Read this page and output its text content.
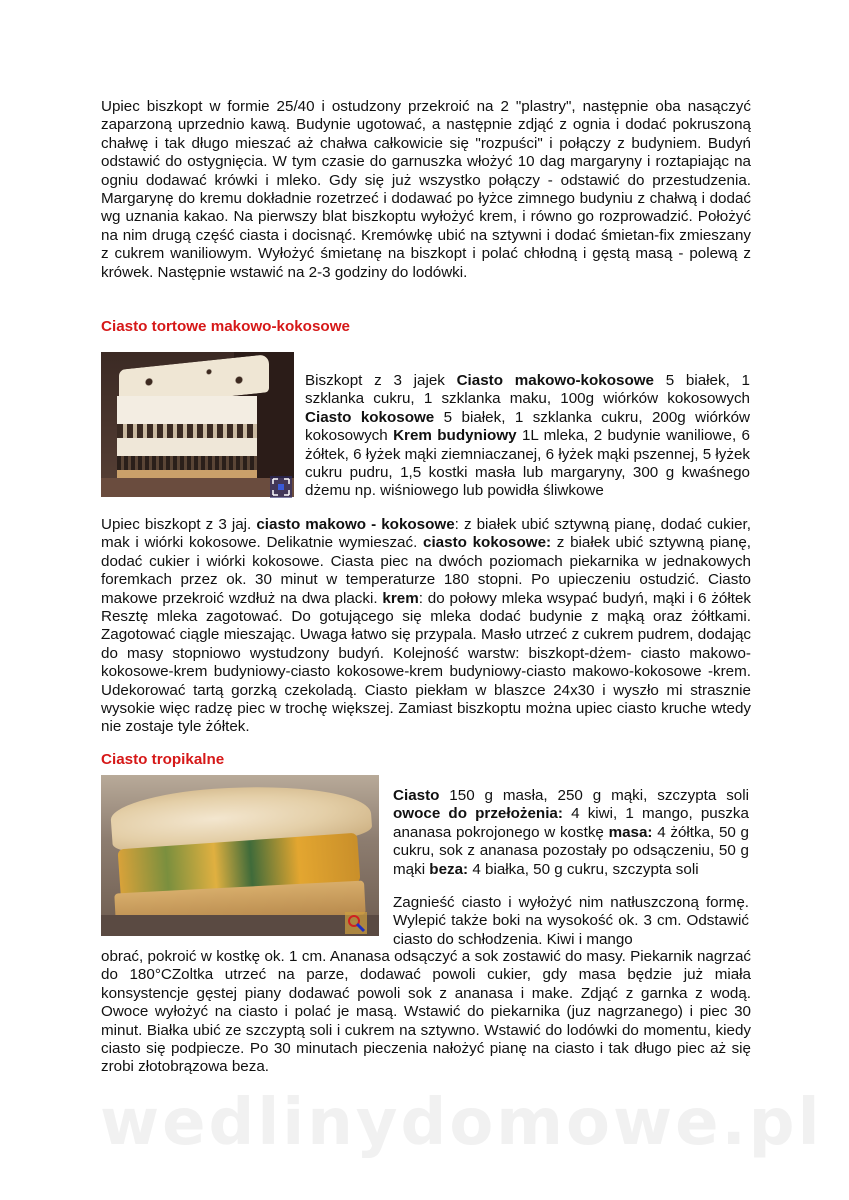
Upiec biszkopt w formie 25/40 i ostudzony przekroić na 2 "plastry", następnie oba nasączyć zaparzoną uprzednio kawą. Budynie ugotować, a następnie zdjąć z ognia i dodać pokruszoną chałwę i tak długo mieszać aż chałwa całkowicie się "rozpuści" i połączy z budyniem. Budyń odstawić do ostygnięcia. W tym czasie do garnuszka włożyć 10 dag margaryny i roztapiając na ogniu dodawać krówki i mleko. Gdy się już wszystko połączy - odstawić do przestudzenia. Margarynę do kremu dokładnie rozetrzeć i dodawać po łyżce zimnego budyniu z chałwą i dodać wg uznania kakao. Na pierwszy blat biszkoptu wyłożyć krem, i równo go rozprowadzić. Położyć na nim drugą część ciasta i docisnąć. Kremówkę ubić na sztywni i dodać śmietan-fix zmieszany z cukrem waniliowym. Wyłożyć śmietanę na biszkopt i polać chłodną i gęstą masą - polewą z krówek. Następnie wstawić na 2-3 godziny do lodówki.

Ciasto tortowe makowo-kokosowe

Biszkopt z 3 jajek Ciasto makowo-kokosowe 5 białek, 1 szklanka cukru, 1 szklanka maku, 100g wiórków kokosowych Ciasto kokosowe 5 białek, 1 szklanka cukru, 200g wiórków kokosowych Krem budyniowy 1L mleka, 2 budynie waniliowe, 6 żółtek, 6 łyżek mąki ziemniaczanej, 6 łyżek mąki pszennej, 5 łyżek cukru pudru, 1,5 kostki masła lub margaryny, 300 g kwaśnego dżemu np. wiśniowego lub powidła śliwkowe

Upiec biszkopt z 3 jaj. ciasto makowo - kokosowe: z białek ubić sztywną pianę, dodać cukier, mak i wiórki kokosowe. Delikatnie wymieszać. ciasto kokosowe: z białek ubić sztywną pianę, dodać cukier i wiórki kokosowe. Ciasta piec na dwóch poziomach piekarnika w jednakowych foremkach przez ok. 30 minut w temperaturze 180 stopni. Po upieczeniu ostudzić. Ciasto makowe przekroić wzdłuż na dwa placki. krem: do połowy mleka wsypać budyń, mąki i 6 żółtek Resztę mleka zagotować. Do gotującego się mleka dodać budynie z mąką oraz żółtkami. Zagotować ciągle mieszając. Uwaga łatwo się przypala. Masło utrzeć z cukrem pudrem, dodając do masy stopniowo wystudzony budyń. Kolejność warstw: biszkopt-dżem- ciasto makowo- kokosowe-krem budyniowy-ciasto kokosowe-krem budyniowy-ciasto makowo-kokosowe -krem. Udekorować tartą gorzką czekoladą. Ciasto piekłam w blaszce 24x30 i wyszło mi strasznie wysokie więc radzę piec w trochę większej. Zamiast biszkoptu można upiec ciasto kruche wtedy nie zostaje tyle żółtek.

Ciasto tropikalne

Ciasto 150 g masła, 250 g mąki, szczypta soli owoce do przełożenia: 4 kiwi, 1 mango, puszka ananasa pokrojonego w kostkę masa: 4 żółtka, 50 g cukru, sok z ananasa pozostały po odsączeniu, 50 g mąki beza: 4 białka, 50 g cukru, szczypta soli

Zagnieść ciasto i wyłożyć nim natłuszczoną formę. Wylepić także boki na wysokość ok. 3 cm. Odstawić ciasto do schłodzenia. Kiwi i mango

obrać, pokroić w kostkę ok. 1 cm. Ananasa odsączyć a sok zostawić do masy. Piekarnik nagrzać do 180°CZoltka utrzeć na parze, dodawać powoli cukier, gdy masa będzie już miała konsystencje gęstej piany dodawać powoli sok z ananasa i make. Zdjąć z garnka z wodą. Owoce wyłożyć na ciasto i polać je masą. Wstawić do piekarnika (juz nagrzanego) i piec 30 minut. Białka ubić ze szczyptą soli i cukrem na sztywno. Wstawić do lodówki do momentu, kiedy ciasto się podpiecze. Po 30 minutach pieczenia nałożyć pianę na ciasto i tak długo piec aż się zrobi złotobrązowa beza.

wedlinydomowe.pl
